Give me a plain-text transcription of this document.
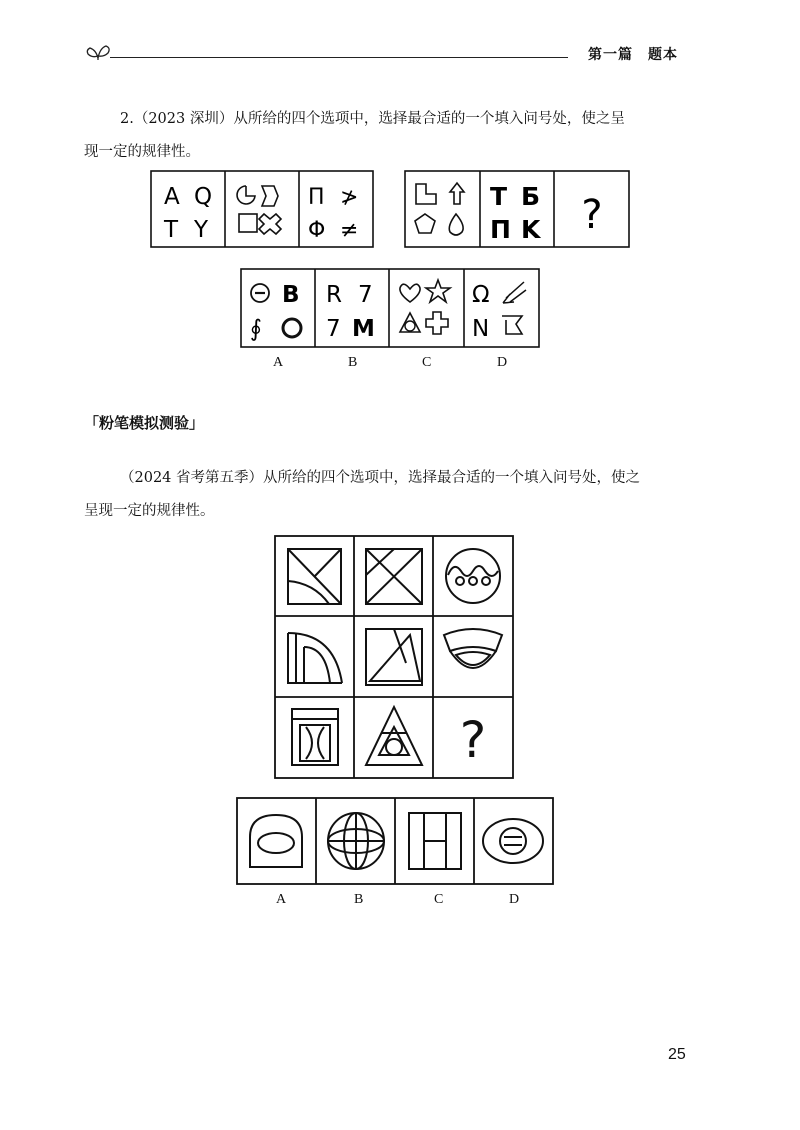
第一篇　题本
2.（2023 深圳）从所给的四个选项中，选择最合适的一个填入问号处，使之呈
现一定的规律性。
A Q
T Y
Π ≯
Φ ≠
T Б
П K ?
B
∮
R 7
7 M
Ω
N
A	B	C	D
「粉笔模拟测验」
（2024 省考第五季）从所给的四个选项中，选择最合适的一个填入问号处，使之
呈现一定的规律性。
?
A	B	C	D
25
